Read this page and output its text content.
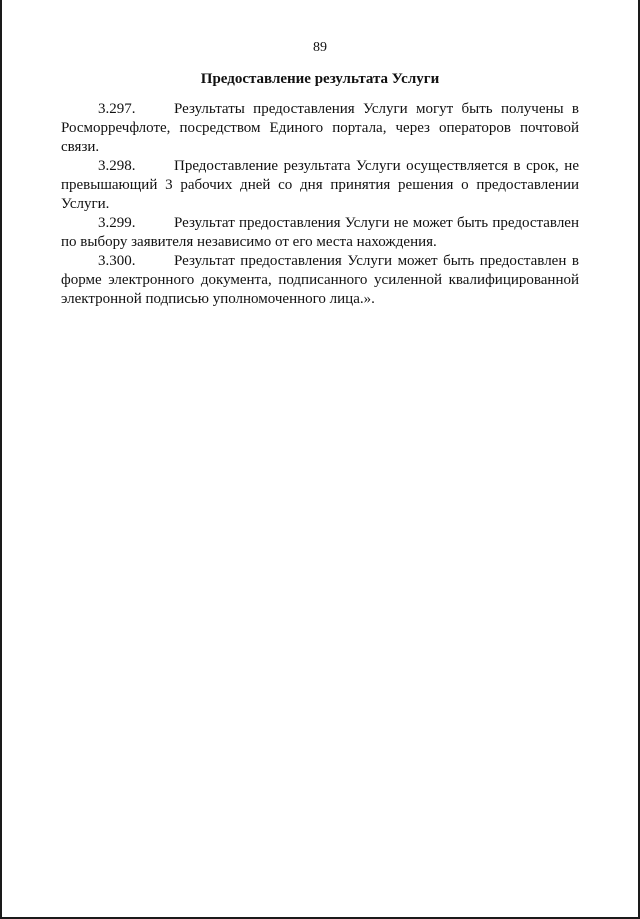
89
Предоставление результата Услуги

3.297.	Результаты предоставления Услуги могут быть получены в Росморречфлоте, посредством Единого портала, через операторов почтовой связи.

3.298.	Предоставление результата Услуги осуществляется в срок, не превышающий 3 рабочих дней со дня принятия решения о предоставлении Услуги.

3.299.	Результат предоставления Услуги не может быть предоставлен по выбору заявителя независимо от его места нахождения.

3.300.	Результат предоставления Услуги может быть предоставлен в форме электронного документа, подписанного усиленной квалифицированной электронной подписью уполномоченного лица.».
